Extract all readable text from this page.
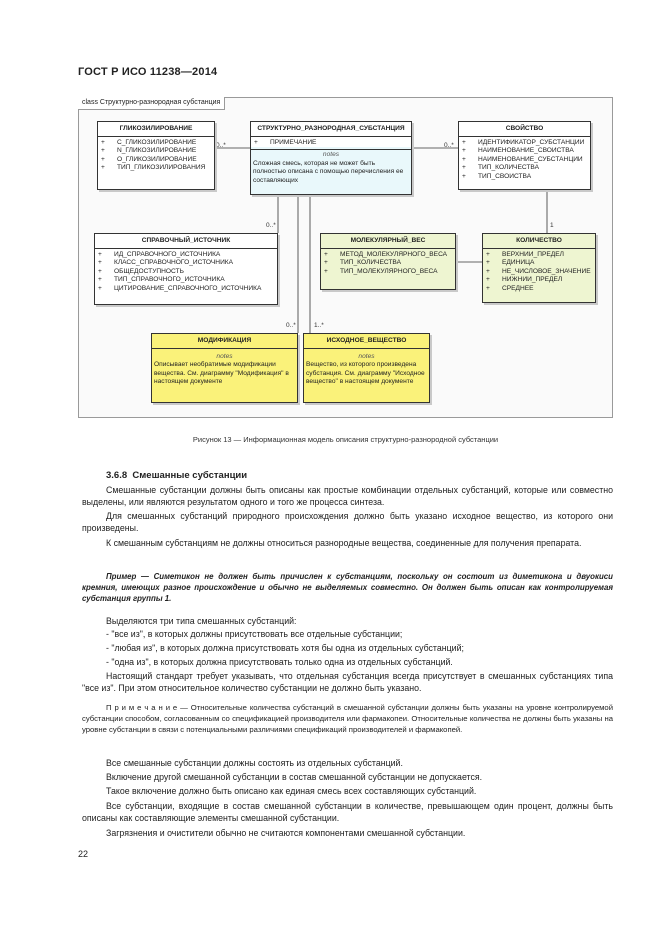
ГОСТ Р ИСО 11238—2014
class Структурно-разнородная субстанция
0..*	0..*
1
0..*
0..*	1..*
ГЛИКОЗИЛИРОВАНИЕ
+ С_ГЛИКОЗИЛИРОВАНИЕ
+ N_ГЛИКОЗИЛИРОВАНИЕ
+ О_ГЛИКОЗИЛИРОВАНИЕ
+ ТИП_ГЛИКОЗИЛИРОВАНИЯ
СТРУКТУРНО_РАЗНОРОДНАЯ_СУБСТАНЦИЯ
+ ПРИМЕЧАНИЕ
notes
Сложная смесь, которая не может быть полностью описана с помощью перечисления ее составляющих
СВОЙСТВО
+ ИДЕНТИФИКАТОР_СУБСТАНЦИИ
+ НАИМЕНОВАНИЕ_СВОЙСТВА
+ НАИМЕНОВАНИЕ_СУБСТАНЦИИ
+ ТИП_КОЛИЧЕСТВА
+ ТИП_СВОЙСТВА
СПРАВОЧНЫЙ_ИСТОЧНИК
+ ИД_СПРАВОЧНОГО_ИСТОЧНИКА
+ КЛАСС_СПРАВОЧНОГО_ИСТОЧНИКА
+ ОБЩЕДОСТУПНОСТЬ
+ ТИП_СПРАВОЧНОГО_ИСТОЧНИКА
+ ЦИТИРОВАНИЕ_СПРАВОЧНОГО_ИСТОЧНИКА
МОЛЕКУЛЯРНЫЙ_ВЕС
+ МЕТОД_МОЛЕКУЛЯРНОГО_ВЕСА
+ ТИП_КОЛИЧЕСТВА
+ ТИП_МОЛЕКУЛЯРНОГО_ВЕСА
КОЛИЧЕСТВО
+ ВЕРХНИЙ_ПРЕДЕЛ
+ ЕДИНИЦА
+ НЕ_ЧИСЛОВОЕ_ЗНАЧЕНИЕ
+ НИЖНИЙ_ПРЕДЕЛ
+ СРЕДНЕЕ
МОДИФИКАЦИЯ
notes
Описывает необратимые модификации вещества. См. диаграмму "Модификация" в настоящем документе
ИСХОДНОЕ_ВЕЩЕСТВО
notes
Вещество, из которого произведена субстанция. См. диаграмму "Исходное вещество" в настоящем документе
Рисунок 13 — Информационная модель описания структурно-разнородной субстанции
3.6.8 Смешанные субстанции
Смешанные субстанции должны быть описаны как простые комбинации отдельных субстанций, которые или совместно выделены, или являются результатом одного и того же процесса синтеза.
Для смешанных субстанций природного происхождения должно быть указано исходное вещество, из которого они произведены.
К смешанным субстанциям не должны относиться разнородные вещества, соединенные для получения препарата.
Пример — Симетикон не должен быть причислен к субстанциям, поскольку он состоит из диметикона и двуокиси кремния, имеющих разное происхождение и обычно не выделяемых совместно. Он должен быть описан как контролируемая субстанция группы 1.
Выделяются три типа смешанных субстанций:
- "все из", в которых должны присутствовать все отдельные субстанции;
- "любая из", в которых должна присутствовать хотя бы одна из отдельных субстанций;
- "одна из", в которых должна присутствовать только одна из отдельных субстанций.
Настоящий стандарт требует указывать, что отдельная субстанция всегда присутствует в смешанных субстанциях типа "все из". При этом относительное количество субстанции не должно быть указано.
П р и м е ч а н и е — Относительные количества субстанций в смешанной субстанции должны быть указаны на уровне контролируемой субстанции способом, согласованным со спецификацией производителя или фармакопеи. Относительные количества не должны быть указаны на уровне субстанции в связи с потенциальными различиями спецификаций производителей и фармакопей.
Все смешанные субстанции должны состоять из отдельных субстанций.
Включение другой смешанной субстанции в состав смешанной субстанции не допускается.
Такое включение должно быть описано как единая смесь всех составляющих субстанций.
Все субстанции, входящие в состав смешанной субстанции в количестве, превышающем один процент, должны быть описаны как составляющие элементы смешанной субстанции.
Загрязнения и очистители обычно не считаются компонентами смешанной субстанции.
22
